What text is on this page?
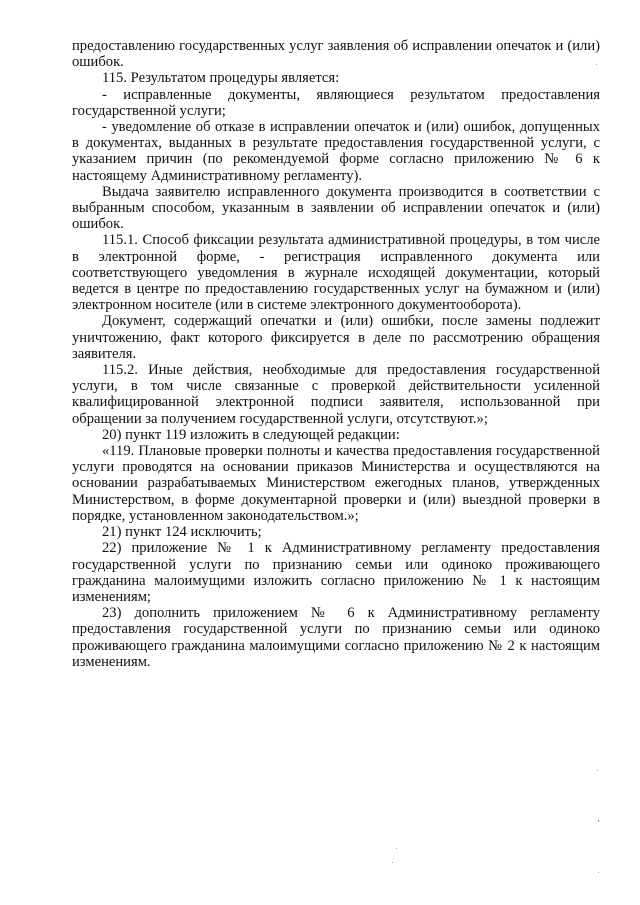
предоставлению государственных услуг заявления об исправлении опечаток и (или) ошибок.

115. Результатом процедуры является:

- исправленные документы, являющиеся результатом предоставления государственной услуги;

- уведомление об отказе в исправлении опечаток и (или) ошибок, допущенных в документах, выданных в результате предоставления государственной услуги, с указанием причин (по рекомендуемой форме согласно приложению № 6 к настоящему Административному регламенту).

Выдача заявителю исправленного документа производится в соответствии с выбранным способом, указанным в заявлении об исправлении опечаток и (или) ошибок.

115.1. Способ фиксации результата административной процедуры, в том числе в электронной форме, - регистрация исправленного документа или соответствующего уведомления в журнале исходящей документации, который ведется в центре по предоставлению государственных услуг на бумажном и (или) электронном носителе (или в системе электронного документооборота).

Документ, содержащий опечатки и (или) ошибки, после замены подлежит уничтожению, факт которого фиксируется в деле по рассмотрению обращения заявителя.

115.2. Иные действия, необходимые для предоставления государственной услуги, в том числе связанные с проверкой действительности усиленной квалифицированной электронной подписи заявителя, использованной при обращении за получением государственной услуги, отсутствуют.»;

20) пункт 119 изложить в следующей редакции:

«119. Плановые проверки полноты и качества предоставления государственной услуги проводятся на основании приказов Министерства и осуществляются на основании разрабатываемых Министерством ежегодных планов, утвержденных Министерством, в форме документарной проверки и (или) выездной проверки в порядке, установленном законодательством.»;

21) пункт 124 исключить;

22) приложение № 1 к Административному регламенту предоставления государственной услуги по признанию семьи или одиноко проживающего гражданина малоимущими изложить согласно приложению № 1 к настоящим изменениям;

23) дополнить приложением № 6 к Административному регламенту предоставления государственной услуги по признанию семьи или одиноко проживающего гражданина малоимущими согласно приложению № 2 к настоящим изменениям.
